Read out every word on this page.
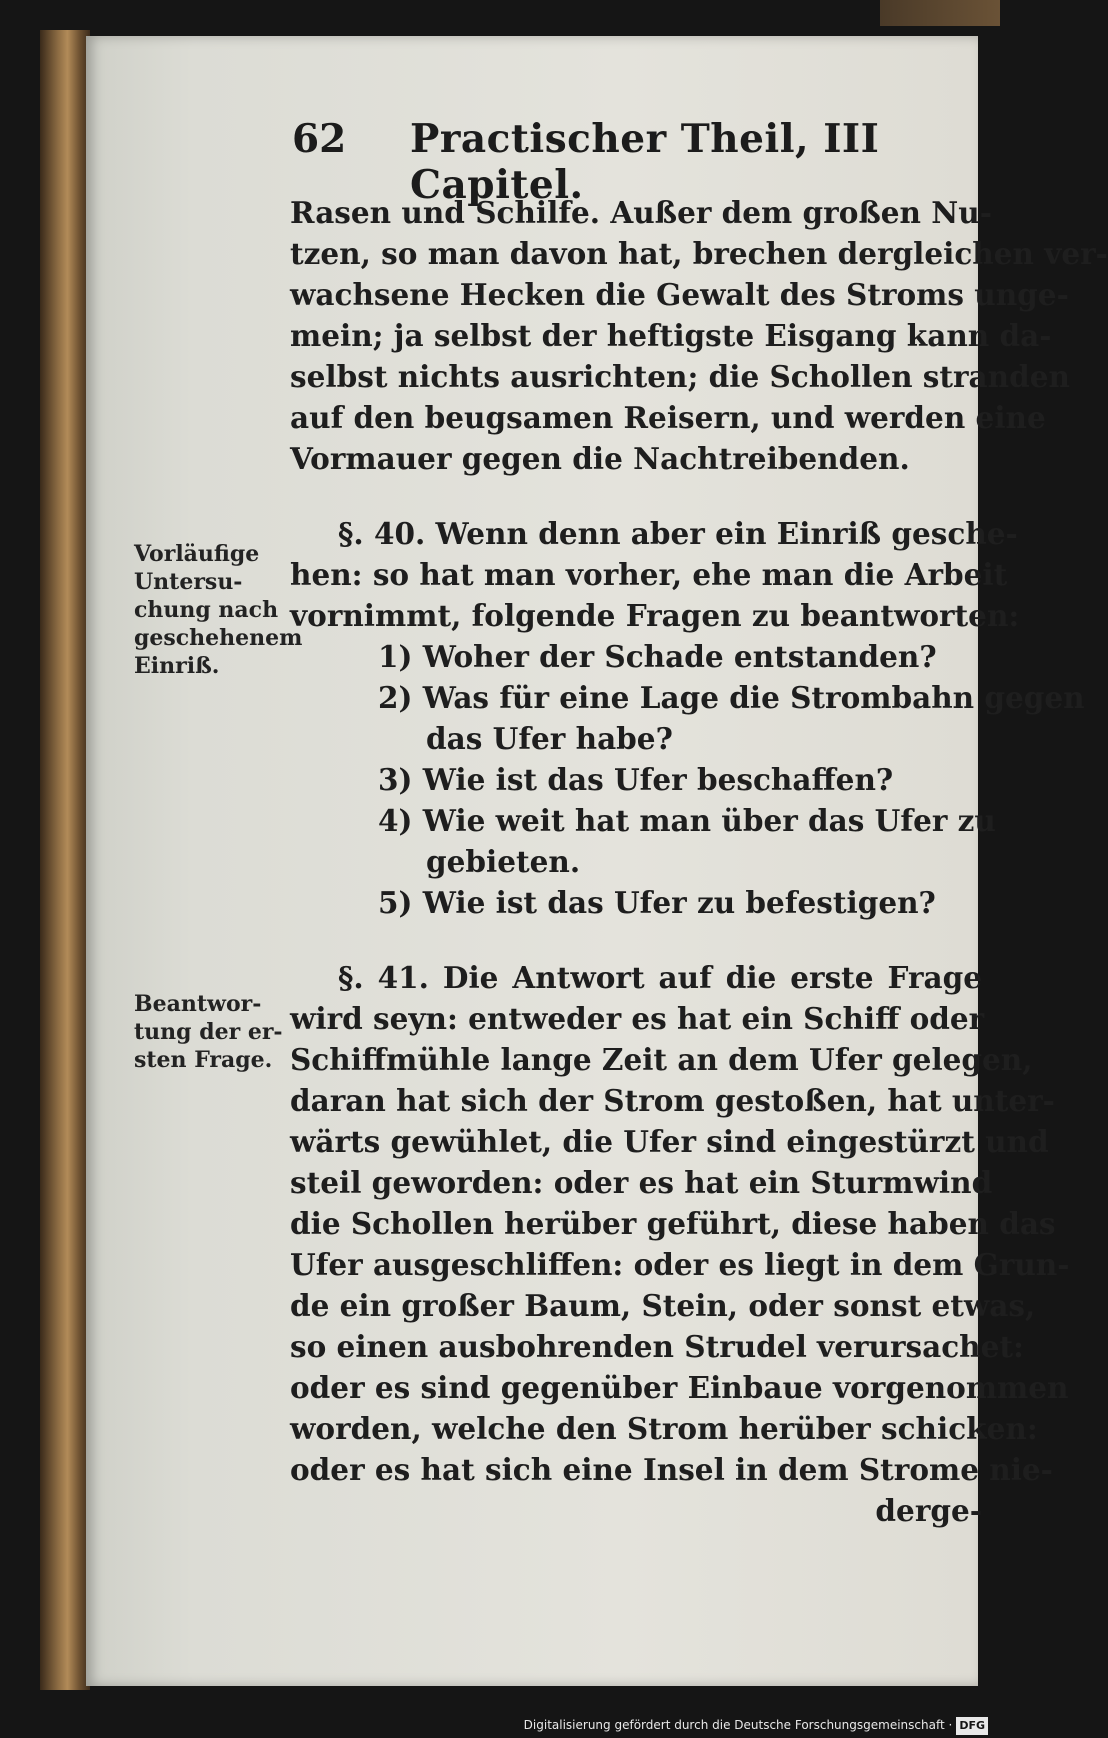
62 Practischer Theil, III Capitel.
Vorläufige
Untersu-
chung nach
geschehenem
Einriß.
Beantwor-
tung der er-
sten Frage.
Rasen und Schilfe. Außer dem großen Nu-
tzen, so man davon hat, brechen dergleichen ver-
wachsene Hecken die Gewalt des Stroms unge-
mein; ja selbst der heftigste Eisgang kann da-
selbst nichts ausrichten; die Schollen stranden
auf den beugsamen Reisern, und werden eine
Vormauer gegen die Nachtreibenden.
§. 40. Wenn denn aber ein Einriß gesche-
hen: so hat man vorher, ehe man die Arbeit
vornimmt, folgende Fragen zu beantworten:
1) Woher der Schade entstanden?
2) Was für eine Lage die Strombahn gegen
das Ufer habe?
3) Wie ist das Ufer beschaffen?
4) Wie weit hat man über das Ufer zu
gebieten.
5) Wie ist das Ufer zu befestigen?
§. 41. Die Antwort auf die erste Frage
wird seyn: entweder es hat ein Schiff oder
Schiffmühle lange Zeit an dem Ufer gelegen,
daran hat sich der Strom gestoßen, hat unter-
wärts gewühlet, die Ufer sind eingestürzt und
steil geworden: oder es hat ein Sturmwind
die Schollen herüber geführt, diese haben das
Ufer ausgeschliffen: oder es liegt in dem Grun-
de ein großer Baum, Stein, oder sonst etwas,
so einen ausbohrenden Strudel verursachet:
oder es sind gegenüber Einbaue vorgenommen
worden, welche den Strom herüber schicken:
oder es hat sich eine Insel in dem Strome nie-
derge-
Digitalisierung gefördert durch die Deutsche Forschungsgemeinschaft · DFG
